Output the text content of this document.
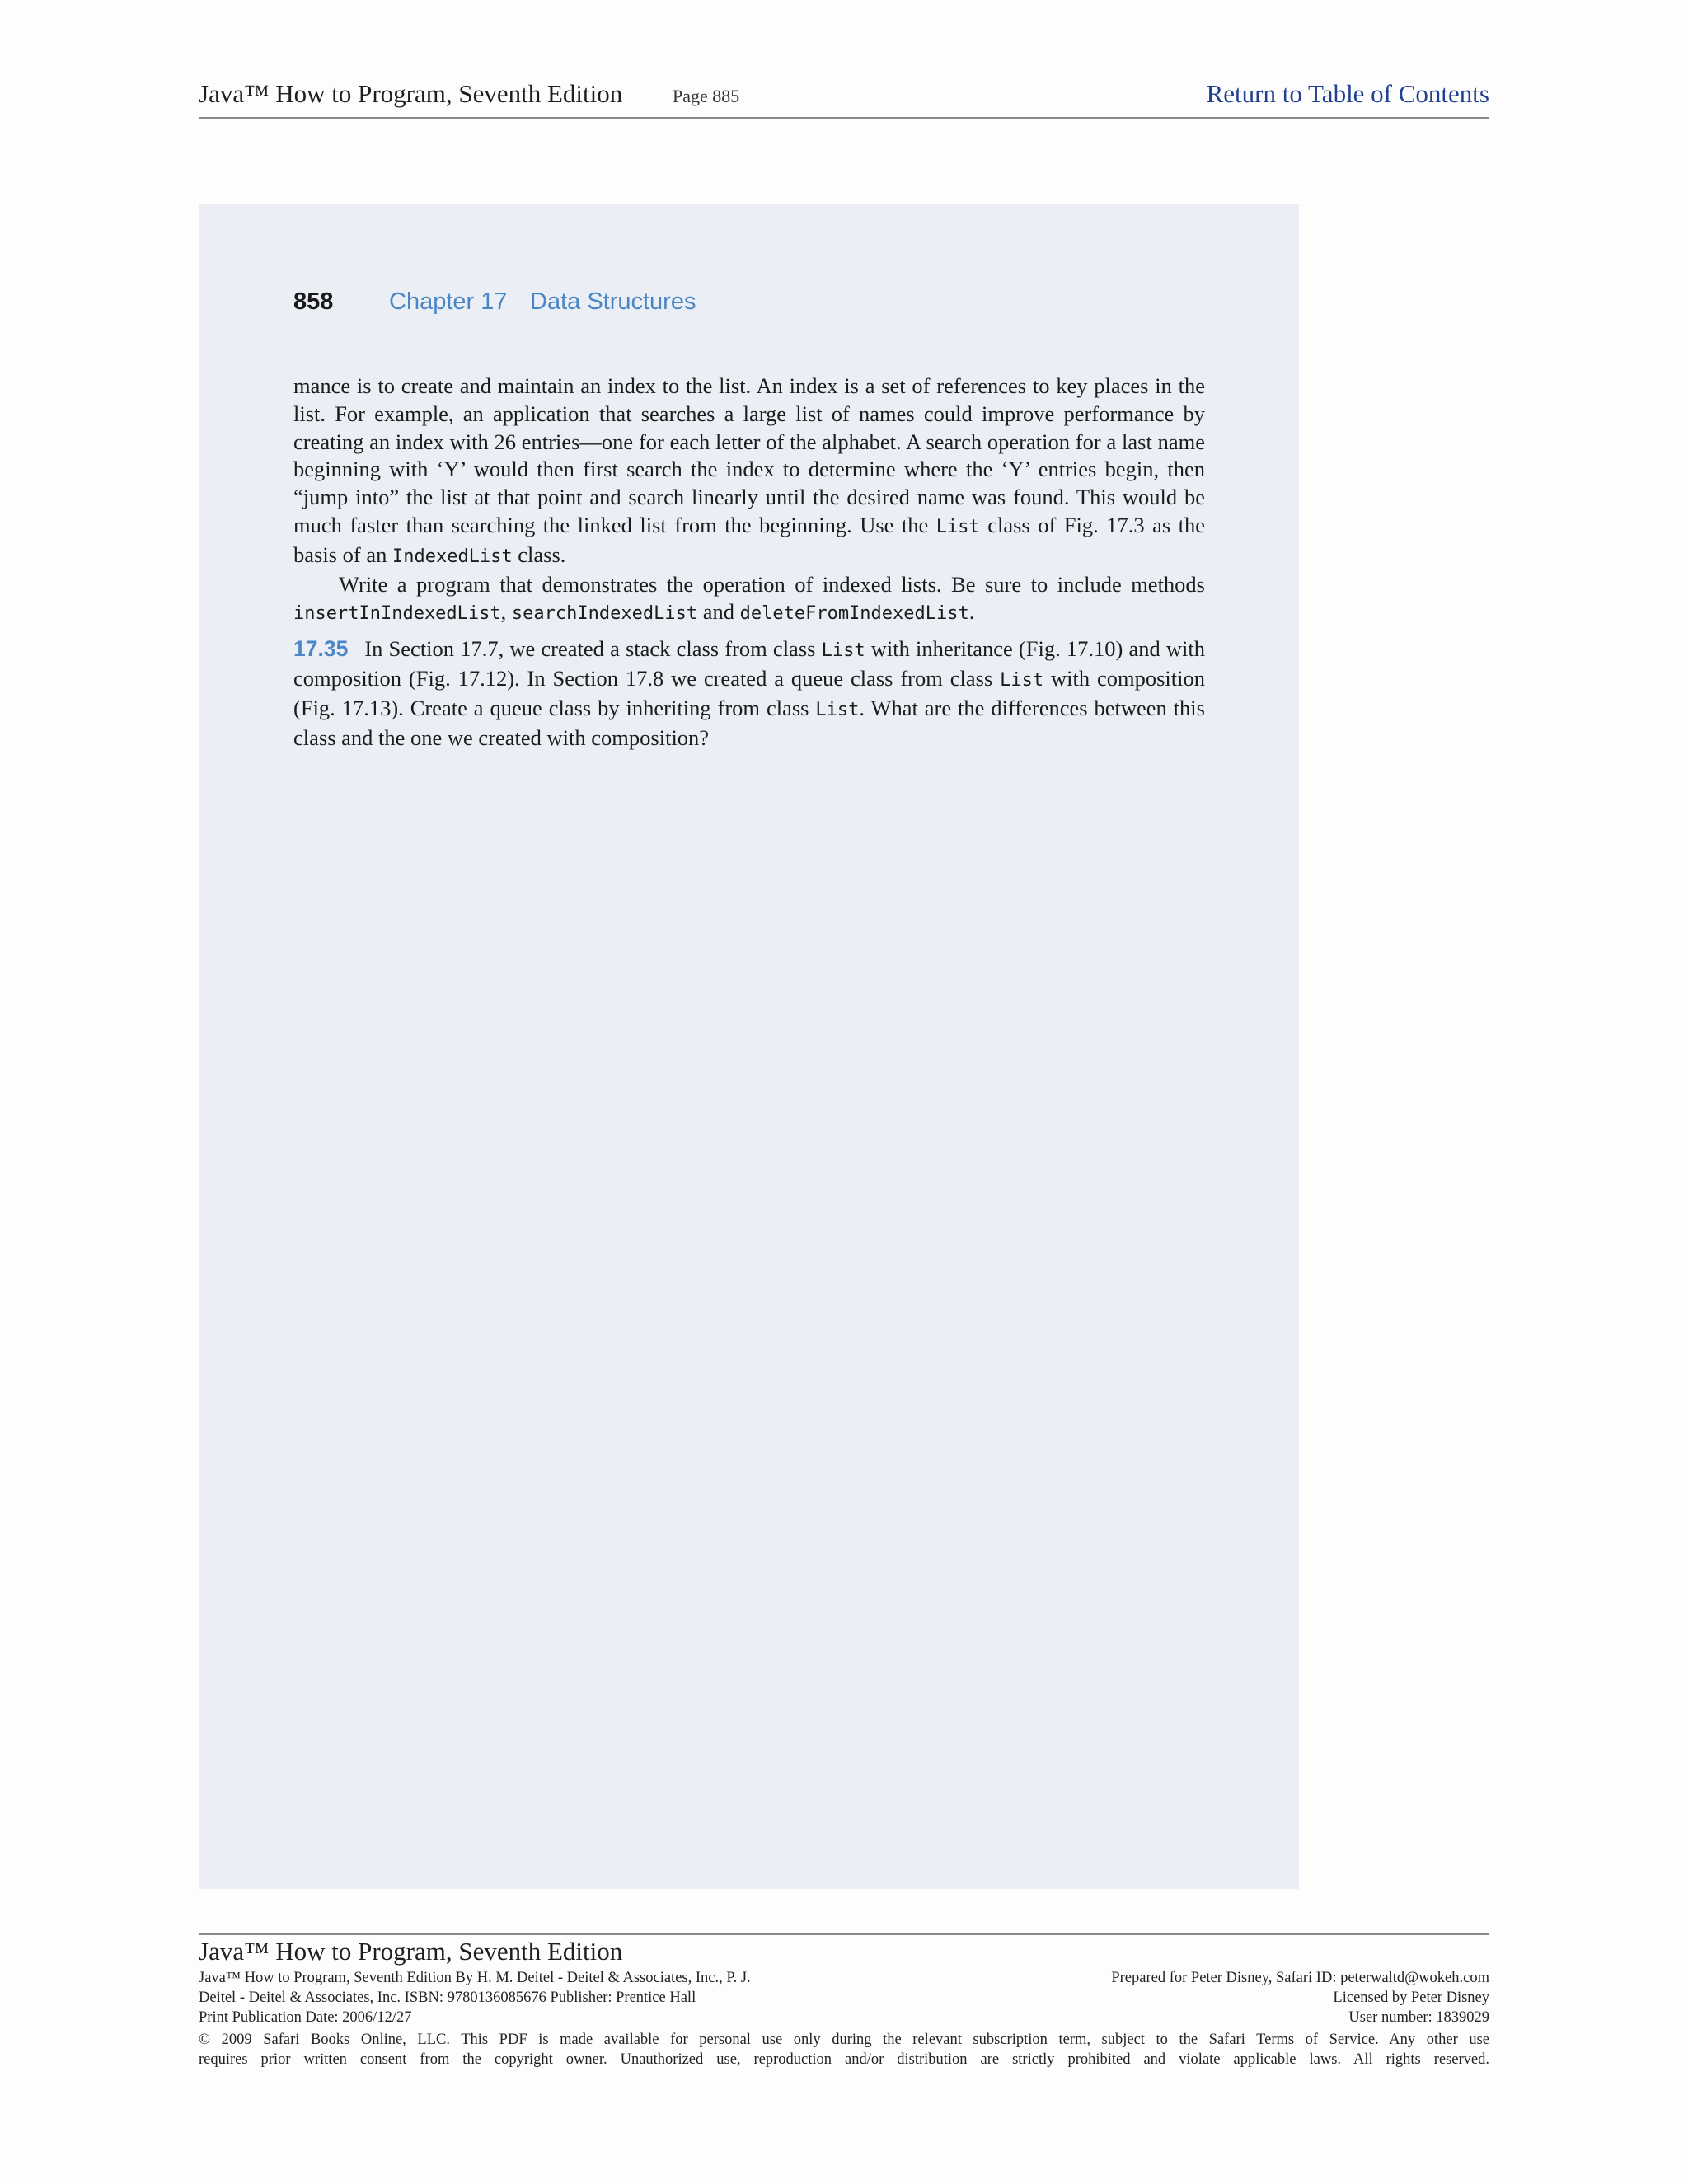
Java™ How to Program, Seventh Edition	Page 885	Return to Table of Contents
858 Chapter 17 Data Structures

mance is to create and maintain an index to the list. An index is a set of references to key places in the list. For example, an application that searches a large list of names could improve performance by creating an index with 26 entries—one for each letter of the alphabet. A search operation for a last name beginning with ‘Y’ would then first search the index to determine where the ‘Y’ entries begin, then “jump into” the list at that point and search linearly until the desired name was found. This would be much faster than searching the linked list from the beginning. Use the List class of Fig. 17.3 as the basis of an IndexedList class.

Write a program that demonstrates the operation of indexed lists. Be sure to include methods insertInIndexedList, searchIndexedList and deleteFromIndexedList.

17.35 In Section 17.7, we created a stack class from class List with inheritance (Fig. 17.10) and with composition (Fig. 17.12). In Section 17.8 we created a queue class from class List with composition (Fig. 17.13). Create a queue class by inheriting from class List. What are the differences between this class and the one we created with composition?

Java™ How to Program, Seventh Edition
Java™ How to Program, Seventh Edition By H. M. Deitel - Deitel & Associates, Inc., P. J.
Deitel - Deitel & Associates, Inc. ISBN: 9780136085676 Publisher: Prentice Hall
Print Publication Date: 2006/12/27
Prepared for Peter Disney, Safari ID: peterwaltd@wokeh.com
Licensed by Peter Disney
User number: 1839029
© 2009 Safari Books Online, LLC. This PDF is made available for personal use only during the relevant subscription term, subject to the Safari Terms of Service. Any other use
requires prior written consent from the copyright owner. Unauthorized use, reproduction and/or distribution are strictly prohibited and violate applicable laws. All rights reserved.
